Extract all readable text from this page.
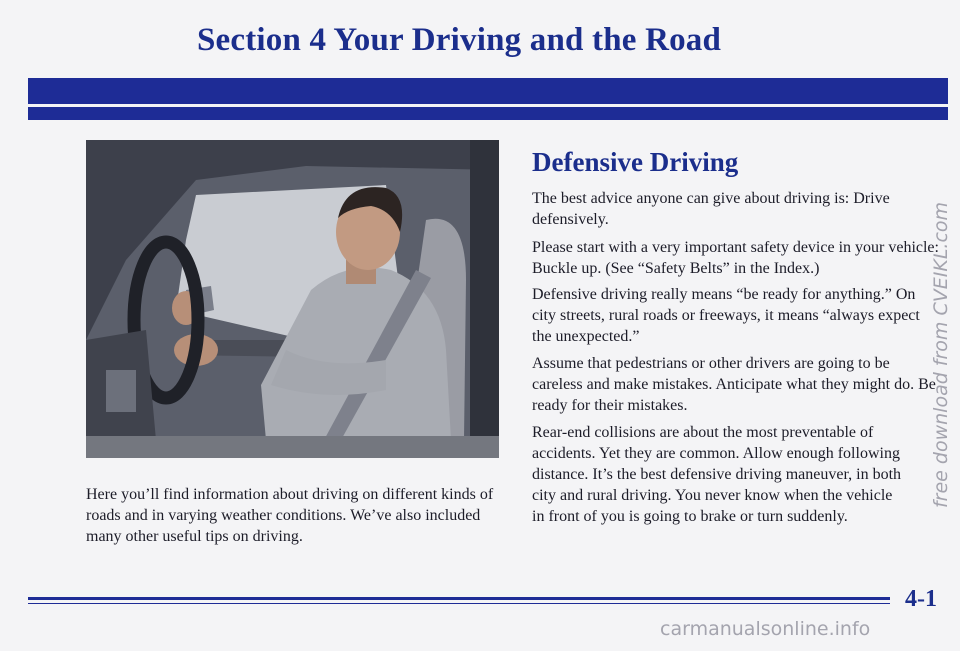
Section 4 Your Driving and the Road

Here you’ll find information about driving on different kinds of roads and in varying weather conditions. We’ve also included many other useful tips on driving.

Defensive Driving

The best advice anyone can give about driving is: Drive defensively.

Please start with a very important safety device in your vehicle: Buckle up. (See “Safety Belts” in the Index.)

Defensive driving really means “be ready for anything.” On city streets, rural roads or freeways, it means “always expect the unexpected.”

Assume that pedestrians or other drivers are going to be careless and make mistakes. Anticipate what they might do. Be ready for their mistakes.

Rear-end collisions are about the most preventable of accidents. Yet they are common. Allow enough following distance. It’s the best defensive driving maneuver, in both city and rural driving. You never know when the vehicle in front of you is going to brake or turn suddenly.

4-1

free download from CVEIKL.com

carmanualsonline.info
